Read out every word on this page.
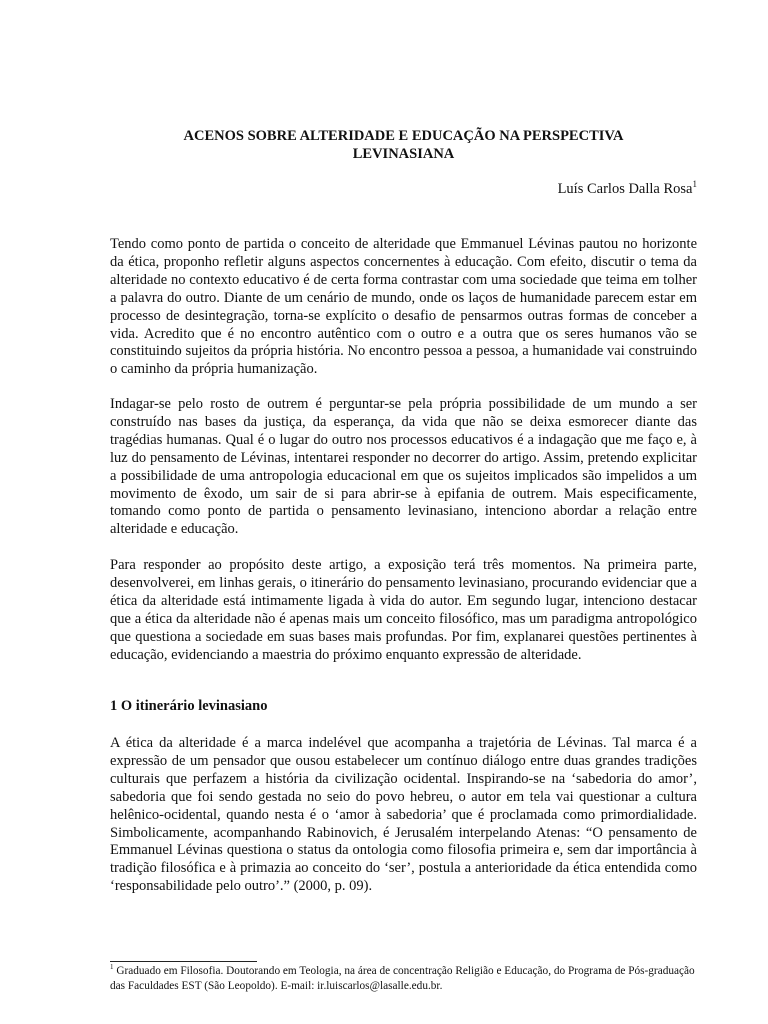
ACENOS SOBRE ALTERIDADE E EDUCAÇÃO NA PERSPECTIVA
LEVINASIANA
Luís Carlos Dalla Rosa$^1$

Tendo como ponto de partida o conceito de alteridade que Emmanuel Lévinas pautou no horizonte da ética, proponho refletir alguns aspectos concernentes à educação. Com efeito, discutir o tema da alteridade no contexto educativo é de certa forma contrastar com uma sociedade que teima em tolher a palavra do outro. Diante de um cenário de mundo, onde os laços de humanidade parecem estar em processo de desintegração, torna-se explícito o desafio de pensarmos outras formas de conceber a vida. Acredito que é no encontro autêntico com o outro e a outra que os seres humanos vão se constituindo sujeitos da própria história. No encontro pessoa a pessoa, a humanidade vai construindo o caminho da própria humanização.

Indagar-se pelo rosto de outrem é perguntar-se pela própria possibilidade de um mundo a ser construído nas bases da justiça, da esperança, da vida que não se deixa esmorecer diante das tragédias humanas. Qual é o lugar do outro nos processos educativos é a indagação que me faço e, à luz do pensamento de Lévinas, intentarei responder no decorrer do artigo. Assim, pretendo explicitar a possibilidade de uma antropologia educacional em que os sujeitos implicados são impelidos a um movimento de êxodo, um sair de si para abrir-se à epifania de outrem. Mais especificamente, tomando como ponto de partida o pensamento levinasiano, intenciono abordar a relação entre alteridade e educação.

Para responder ao propósito deste artigo, a exposição terá três momentos. Na primeira parte, desenvolverei, em linhas gerais, o itinerário do pensamento levinasiano, procurando evidenciar que a ética da alteridade está intimamente ligada à vida do autor. Em segundo lugar, intenciono destacar que a ética da alteridade não é apenas mais um conceito filosófico, mas um paradigma antropológico que questiona a sociedade em suas bases mais profundas. Por fim, explanarei questões pertinentes à educação, evidenciando a maestria do próximo enquanto expressão de alteridade.

1 O itinerário levinasiano

A ética da alteridade é a marca indelével que acompanha a trajetória de Lévinas. Tal marca é a expressão de um pensador que ousou estabelecer um contínuo diálogo entre duas grandes tradições culturais que perfazem a história da civilização ocidental. Inspirando-se na ‘sabedoria do amor’, sabedoria que foi sendo gestada no seio do povo hebreu, o autor em tela vai questionar a cultura helênico-ocidental, quando nesta é o ‘amor à sabedoria’ que é proclamada como primordialidade. Simbolicamente, acompanhando Rabinovich, é Jerusalém interpelando Atenas: “O pensamento de Emmanuel Lévinas questiona o status da ontologia como filosofia primeira e, sem dar importância à tradição filosófica e à primazia ao conceito do ‘ser’, postula a anterioridade da ética entendida como ‘responsabilidade pelo outro’.” (2000, p. 09).

$^1$ Graduado em Filosofia. Doutorando em Teologia, na área de concentração Religião e Educação, do Programa de Pós-graduação das Faculdades EST (São Leopoldo). E-mail: ir.luiscarlos@lasalle.edu.br.
